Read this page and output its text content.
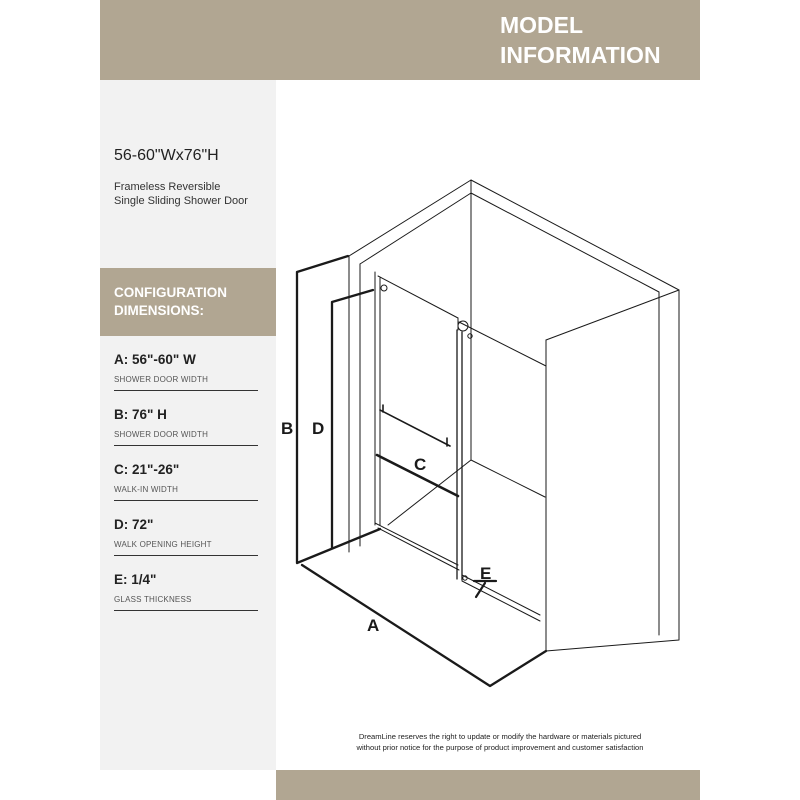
MODEL
INFORMATION

56-60"Wx76"H

Frameless Reversible
Single Sliding Shower Door

CONFIGURATION
DIMENSIONS:

A: 56"-60" W

SHOWER DOOR WIDTH

B: 76" H

SHOWER DOOR WIDTH

C: 21"-26"

WALK-IN WIDTH

D: 72"

WALK OPENING HEIGHT

E: 1/4"

GLASS THICKNESS

B D
C
E
A

DreamLine reserves the right to update or modify the hardware or materials pictured
without prior notice for the purpose of product improvement and customer satisfaction
